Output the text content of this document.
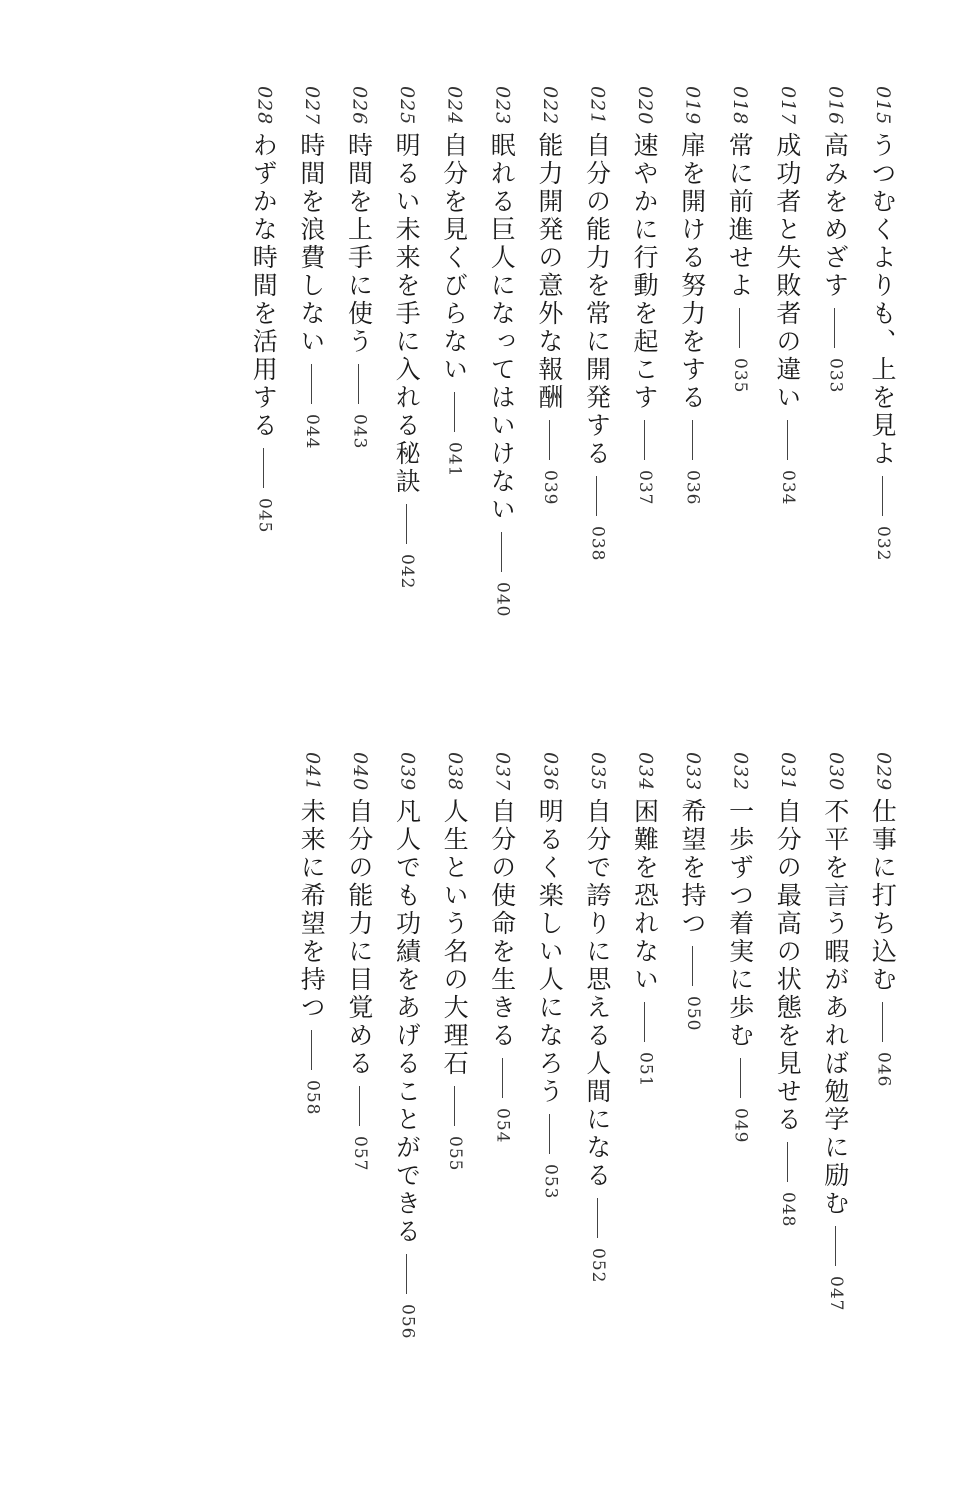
015
うつむくよりも、上を見よ
032
016
高みをめざす
033
017
成功者と失敗者の違い
034
018
常に前進せよ
035
019
扉を開ける努力をする
036
020
速やかに行動を起こす
037
021
自分の能力を常に開発する
038
022
能力開発の意外な報酬
039
023
眠れる巨人になってはいけない
040
024
自分を見くびらない
041
025
明るい未来を手に入れる秘訣
042
026
時間を上手に使う
043
027
時間を浪費しない
044
028
わずかな時間を活用する
045
029
仕事に打ち込む
046
030
不平を言う暇があれば勉学に励む
047
031
自分の最高の状態を見せる
048
032
一歩ずつ着実に歩む
049
033
希望を持つ
050
034
困難を恐れない
051
035
自分で誇りに思える人間になる
052
036
明るく楽しい人になろう
053
037
自分の使命を生きる
054
038
人生という名の大理石
055
039
凡人でも功績をあげることができる
056
040
自分の能力に目覚める
057
041
未来に希望を持つ
058
